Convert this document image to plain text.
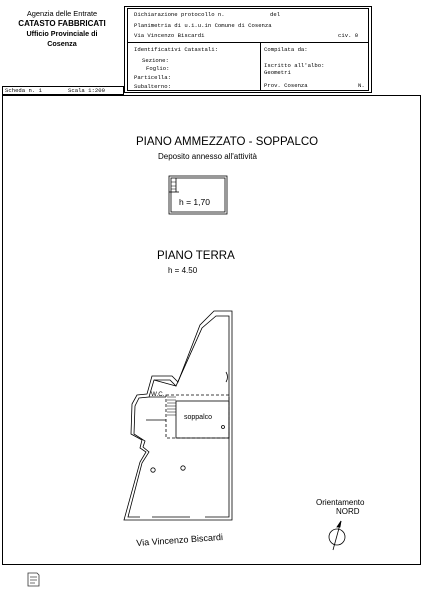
Agenzia delle Entrate
CATASTO FABBRICATI
Ufficio Provinciale di
Cosenza
Dichiarazione protocollo n.	del
Planimetria di u.i.u.in Comune di Cosenza
Via Vincenzo Biscardi	civ. 0
Identificativi Catastali:
Sezione:
Foglio:
Particella:
Subalterno:
Compilata da:
Iscritto all'albo:
Geometri
Prov. Cosenza	N.
Scheda n. 1	Scala 1:200
PIANO AMMEZZATO - SOPPALCO
Deposito annesso all'attività
PIANO TERRA
h = 4.50
h = 1,70
W.C.
soppalco
Via Vincenzo Biscardi
Orientamento
NORD
